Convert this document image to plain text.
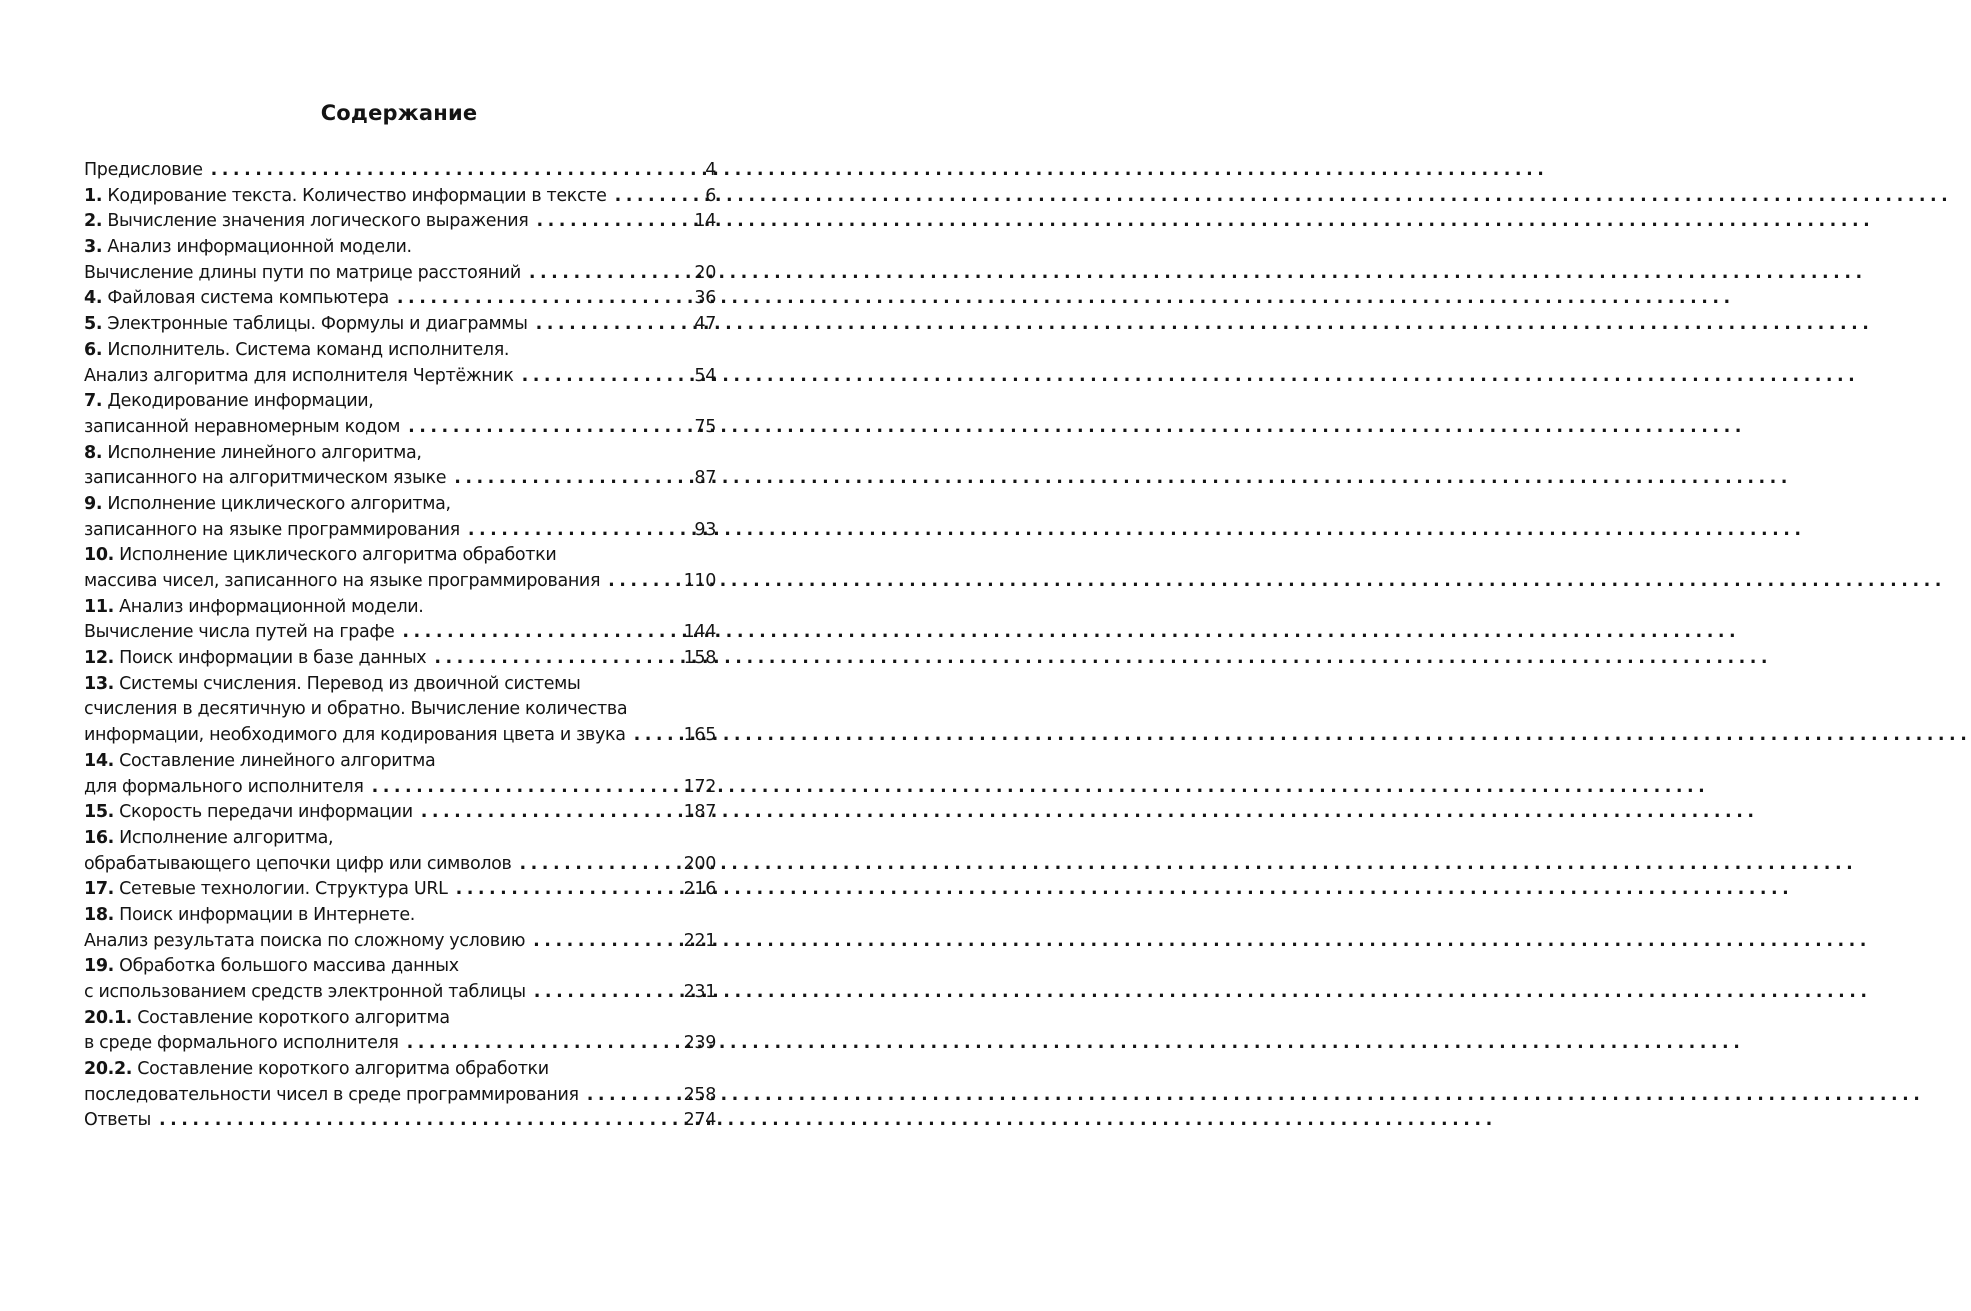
Содержание
Предисловие .....	4
1. Кодирование текста. Количество информации в тексте .....	6
2. Вычисление значения логического выражения .....	14
3. Анализ информационной модели.
Вычисление длины пути по матрице расстояний .....	20
4. Файловая система компьютера .....	36
5. Электронные таблицы. Формулы и диаграммы .....	47
6. Исполнитель. Система команд исполнителя.
Анализ алгоритма для исполнителя Чертёжник .....	54
7. Декодирование информации,
записанной неравномерным кодом .....	75
8. Исполнение линейного алгоритма,
записанного на алгоритмическом языке .....	87
9. Исполнение циклического алгоритма,
записанного на языке программирования .....	93
10. Исполнение циклического алгоритма обработки
массива чисел, записанного на языке программирования .....	110
11. Анализ информационной модели.
Вычисление числа путей на графе .....	144
12. Поиск информации в базе данных .....	158
13. Системы счисления. Перевод из двоичной системы
счисления в десятичную и обратно. Вычисление количества
информации, необходимого для кодирования цвета и звука .....	165
14. Составление линейного алгоритма
для формального исполнителя .....	172
15. Скорость передачи информации .....	187
16. Исполнение алгоритма,
обрабатывающего цепочки цифр или символов .....	200
17. Сетевые технологии. Структура URL .....	216
18. Поиск информации в Интернете.
Анализ результата поиска по сложному условию .....	221
19. Обработка большого массива данных
с использованием средств электронной таблицы .....	231
20.1. Составление короткого алгоритма
в среде формального исполнителя .....	239
20.2. Составление короткого алгоритма обработки
последовательности чисел в среде программирования .....	258
Ответы .....	274
